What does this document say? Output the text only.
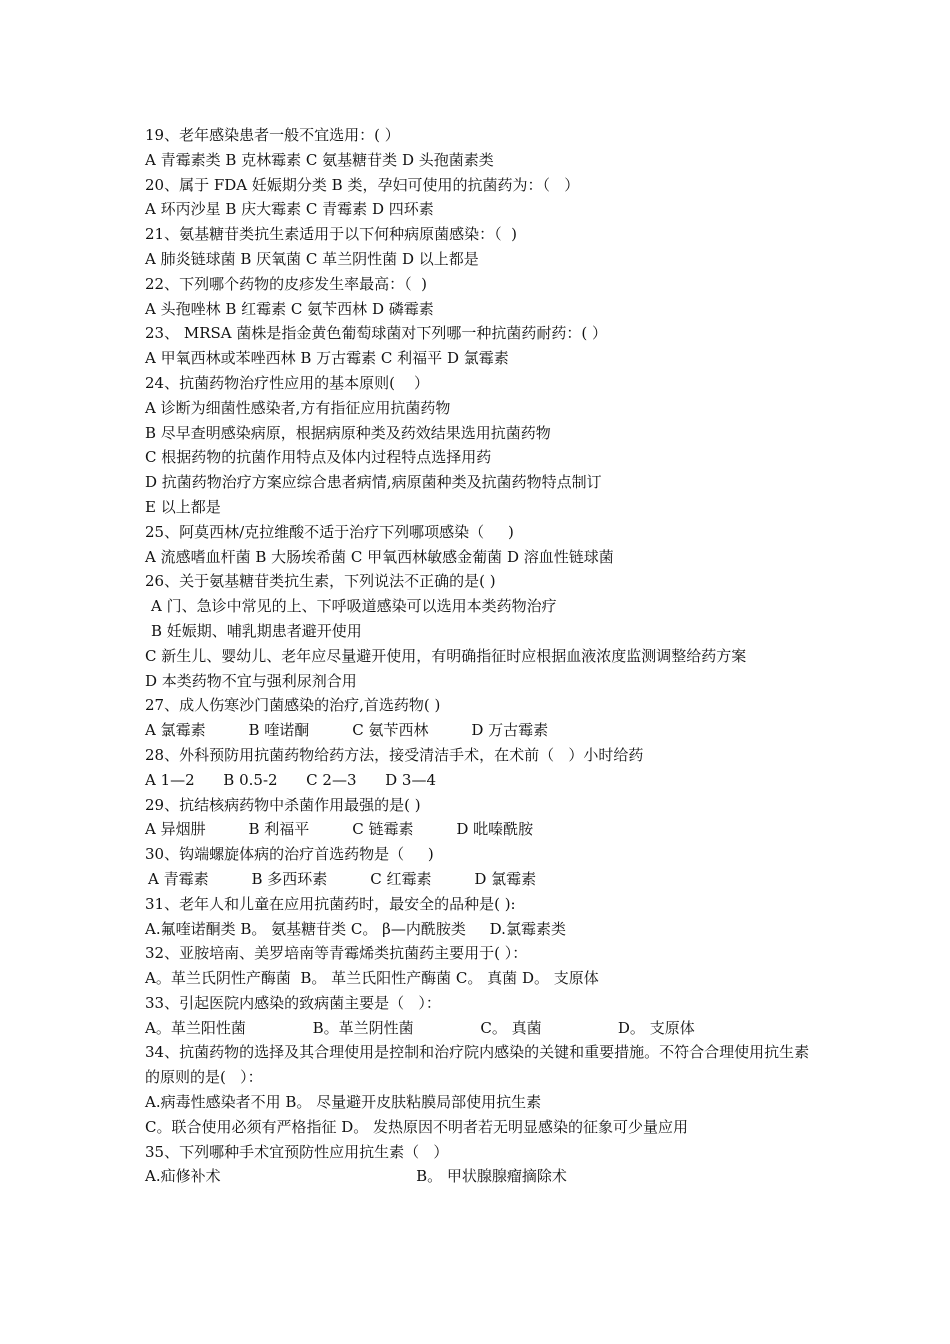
19、老年感染患者一般不宜选用：( ）
A 青霉素类 B 克林霉素 C 氨基糖苷类 D 头孢菌素类
20、属于 FDA 妊娠期分类 B 类，孕妇可使用的抗菌药为：（   ）
A 环丙沙星 B 庆大霉素 C 青霉素 D 四环素
21、氨基糖苷类抗生素适用于以下何种病原菌感染：（  )
A 肺炎链球菌 B 厌氧菌 C 革兰阴性菌 D 以上都是
22、下列哪个药物的皮疹发生率最高：（  )
A 头孢唑林 B 红霉素 C 氨苄西林 D 磷霉素
23、 MRSA 菌株是指金黄色葡萄球菌对下列哪一种抗菌药耐药：( ）
A 甲氧西林或苯唑西林 B 万古霉素 C 利福平 D 氯霉素
24、抗菌药物治疗性应用的基本原则(    ）
A 诊断为细菌性感染者,方有指征应用抗菌药物
B 尽早查明感染病原，根据病原种类及药效结果选用抗菌药物
C 根据药物的抗菌作用特点及体内过程特点选择用药
D 抗菌药物治疗方案应综合患者病情,病原菌种类及抗菌药物特点制订
E 以上都是
25、阿莫西林/克拉维酸不适于治疗下列哪项感染（     )
A 流感嗜血杆菌 B 大肠埃希菌 C 甲氧西林敏感金葡菌 D 溶血性链球菌
26、关于氨基糖苷类抗生素，下列说法不正确的是( )
A 门、急诊中常见的上、下呼吸道感染可以选用本类药物治疗
B 妊娠期、哺乳期患者避开使用
C 新生儿、婴幼儿、老年应尽量避开使用，有明确指征时应根据血液浓度监测调整给药方案
D 本类药物不宜与强利尿剂合用
27、成人伤寒沙门菌感染的治疗,首选药物( )
A 氯霉素         B 喹诺酮         C 氨苄西林         D 万古霉素
28、外科预防用抗菌药物给药方法，接受清洁手术，在术前（   ）小时给药
A 1—2      B 0.5-2      C 2—3      D 3—4
29、抗结核病药物中杀菌作用最强的是( )
A 异烟肼         B 利福平         C 链霉素         D 吡嗪酰胺
30、钩端螺旋体病的治疗首选药物是（     )
A 青霉素         B 多西环素         C 红霉素         D 氯霉素
31、老年人和儿童在应用抗菌药时，最安全的品种是( ):
A.氟喹诺酮类 B。 氨基糖苷类 C。 β—内酰胺类     D.氯霉素类
32、亚胺培南、美罗培南等青霉烯类抗菌药主要用于( ）：
A。革兰氏阴性产酶菌  B。 革兰氏阳性产酶菌 C。 真菌 D。 支原体
33、引起医院内感染的致病菌主要是（   ）：
A。革兰阳性菌              B。革兰阴性菌              C。 真菌                D。 支原体
34、抗菌药物的选择及其合理使用是控制和治疗院内感染的关键和重要措施。不符合合理使用抗生素的原则的是(   ）：
A.病毒性感染者不用 B。 尽量避开皮肤粘膜局部使用抗生素
C。联合使用必须有严格指征 D。 发热原因不明者若无明显感染的征象可少量应用
35、下列哪种手术宜预防性应用抗生素（   ）
A.疝修补术                                         B。 甲状腺腺瘤摘除术
